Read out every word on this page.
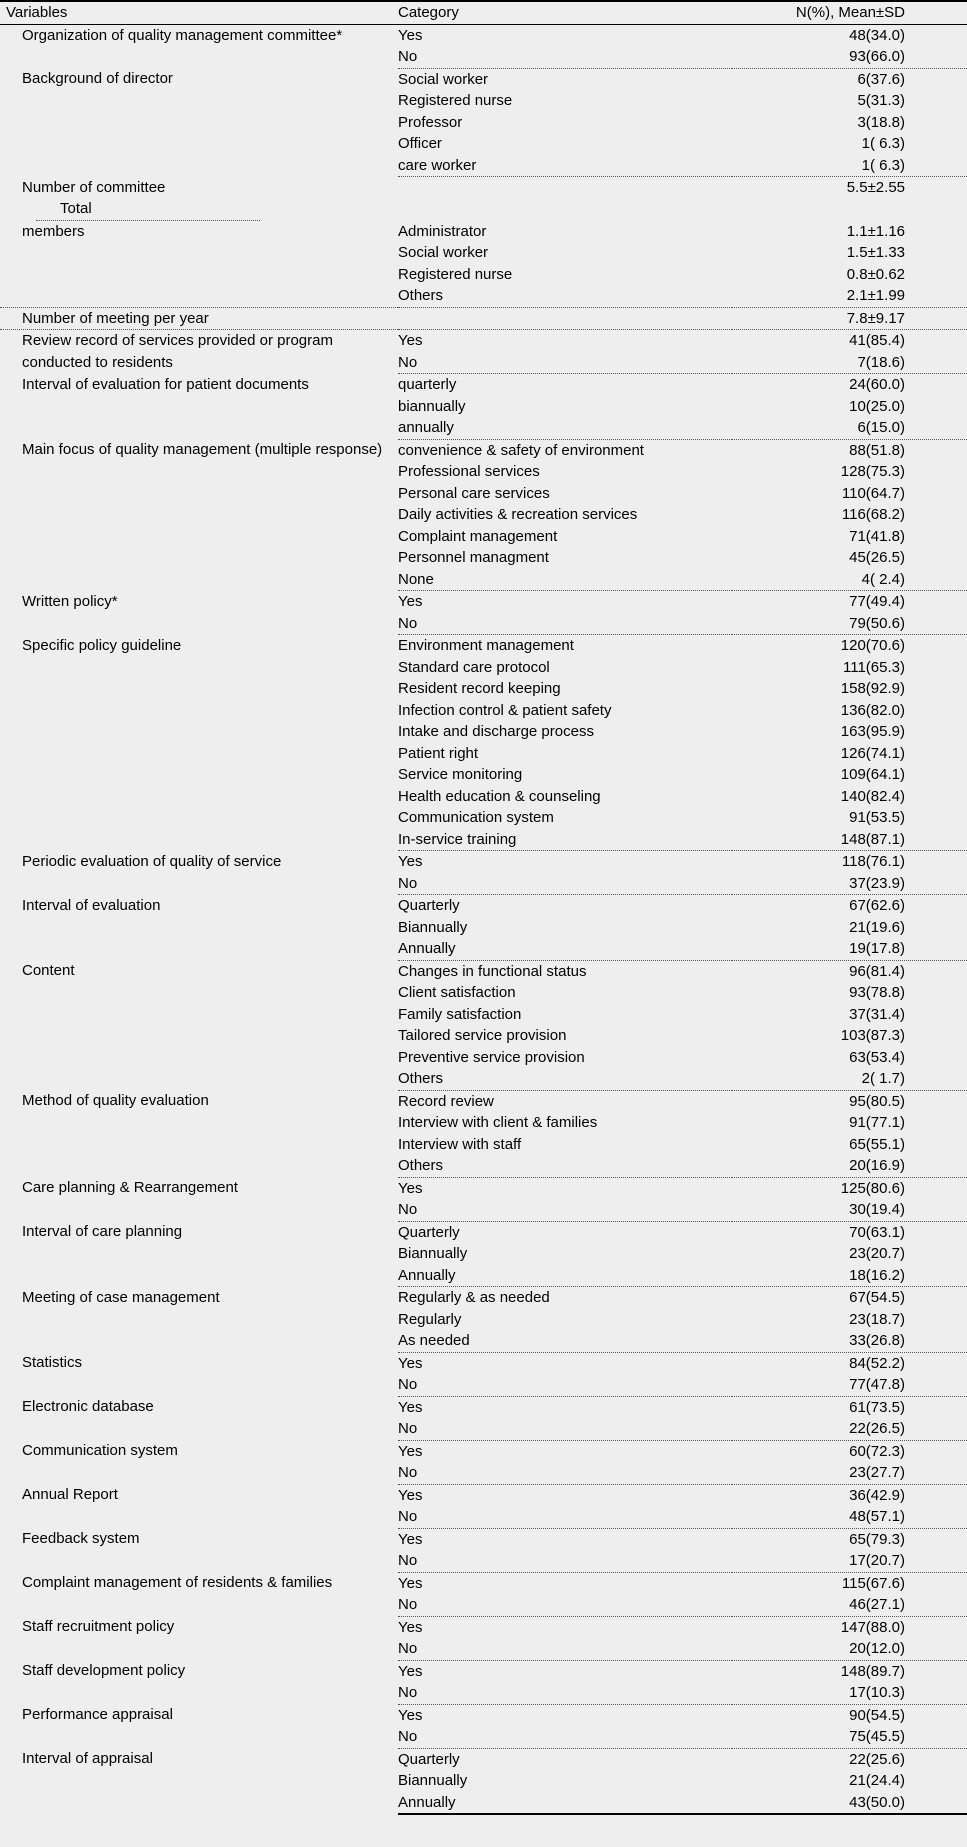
Variables	Category	N(%), Mean±SD
Organization of quality management committee*	Yes	48(34.0)
	No	93(66.0)
Background of director	Social worker	6(37.6)
	Registered nurse	5(31.3)
	Professor	3(18.8)
	Officer	1( 6.3)
	care worker	1( 6.3)
Number of committeeTotal		5.5±2.55
members	Administrator	1.1±1.16
	Social worker	1.5±1.33
	Registered nurse	0.8±0.62
	Others	2.1±1.99
Number of meeting per year		7.8±9.17
Review record of services provided or program conducted to residents	Yes	41(85.4)
	No	7(18.6)
Interval of evaluation for patient documents	quarterly	24(60.0)
	biannually	10(25.0)
	annually	6(15.0)
Main focus of quality management (multiple response)	convenience & safety of environment	88(51.8)
	Professional services	128(75.3)
	Personal care services	110(64.7)
	Daily activities & recreation services	116(68.2)
	Complaint management	71(41.8)
	Personnel managment	45(26.5)
	None	4( 2.4)
Written policy*	Yes	77(49.4)
	No	79(50.6)
Specific policy guideline	Environment management	120(70.6)
	Standard care protocol	111(65.3)
	Resident record keeping	158(92.9)
	Infection control & patient safety	136(82.0)
	Intake and discharge process	163(95.9)
	Patient right	126(74.1)
	Service monitoring	109(64.1)
	Health education & counseling	140(82.4)
	Communication system	91(53.5)
	In-service training	148(87.1)
Periodic evaluation of quality of service	Yes	118(76.1)
	No	37(23.9)
Interval of evaluation	Quarterly	67(62.6)
	Biannually	21(19.6)
	Annually	19(17.8)
Content	Changes in functional status	96(81.4)
	Client satisfaction	93(78.8)
	Family satisfaction	37(31.4)
	Tailored service provision	103(87.3)
	Preventive service provision	63(53.4)
	Others	2( 1.7)
Method of quality evaluation	Record review	95(80.5)
	Interview with client & families	91(77.1)
	Interview with staff	65(55.1)
	Others	20(16.9)
Care planning & Rearrangement	Yes	125(80.6)
	No	30(19.4)
Interval of care planning	Quarterly	70(63.1)
	Biannually	23(20.7)
	Annually	18(16.2)
Meeting of case management	Regularly & as needed	67(54.5)
	Regularly	23(18.7)
	As needed	33(26.8)
Statistics	Yes	84(52.2)
	No	77(47.8)
Electronic database	Yes	61(73.5)
	No	22(26.5)
Communication system	Yes	60(72.3)
	No	23(27.7)
Annual Report	Yes	36(42.9)
	No	48(57.1)
Feedback system	Yes	65(79.3)
	No	17(20.7)
Complaint management of residents & families	Yes	115(67.6)
	No	46(27.1)
Staff recruitment policy	Yes	147(88.0)
	No	20(12.0)
Staff development policy	Yes	148(89.7)
	No	17(10.3)
Performance appraisal	Yes	90(54.5)
	No	75(45.5)
Interval of appraisal	Quarterly	22(25.6)
	Biannually	21(24.4)
	Annually	43(50.0)
